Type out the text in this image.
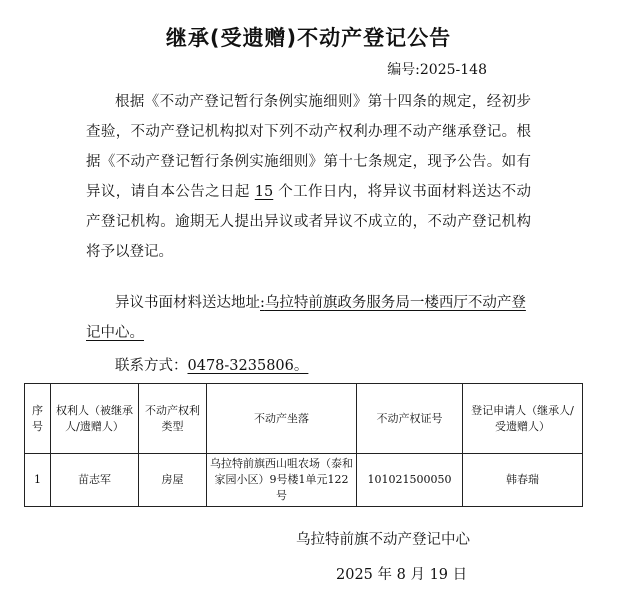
继承(受遗赠)不动产登记公告
编号:2025-148

根据《不动产登记暂行条例实施细则》第十四条的规定，经初步查验，不动产登记机构拟对下列不动产权利办理不动产继承登记。根据《不动产登记暂行条例实施细则》第十七条规定，现予公告。如有异议，请自本公告之日起 15 个工作日内，将异议书面材料送达不动产登记机构。逾期无人提出异议或者异议不成立的，不动产登记机构将予以登记。

异议书面材料送达地址:乌拉特前旗政务服务局一楼西厅不动产登记中心。

联系方式：0478-3235806。

序号	权利人（被继承人/遗赠人）	不动产权利类型	不动产坐落	不动产权证号	登记申请人（继承人/受遗赠人）
1	苗志军	房屋	乌拉特前旗西山咀农场（泰和家园小区）9号楼1单元122号	101021500050	韩春瑞
乌拉特前旗不动产登记中心
2025 年 8 月 19 日
